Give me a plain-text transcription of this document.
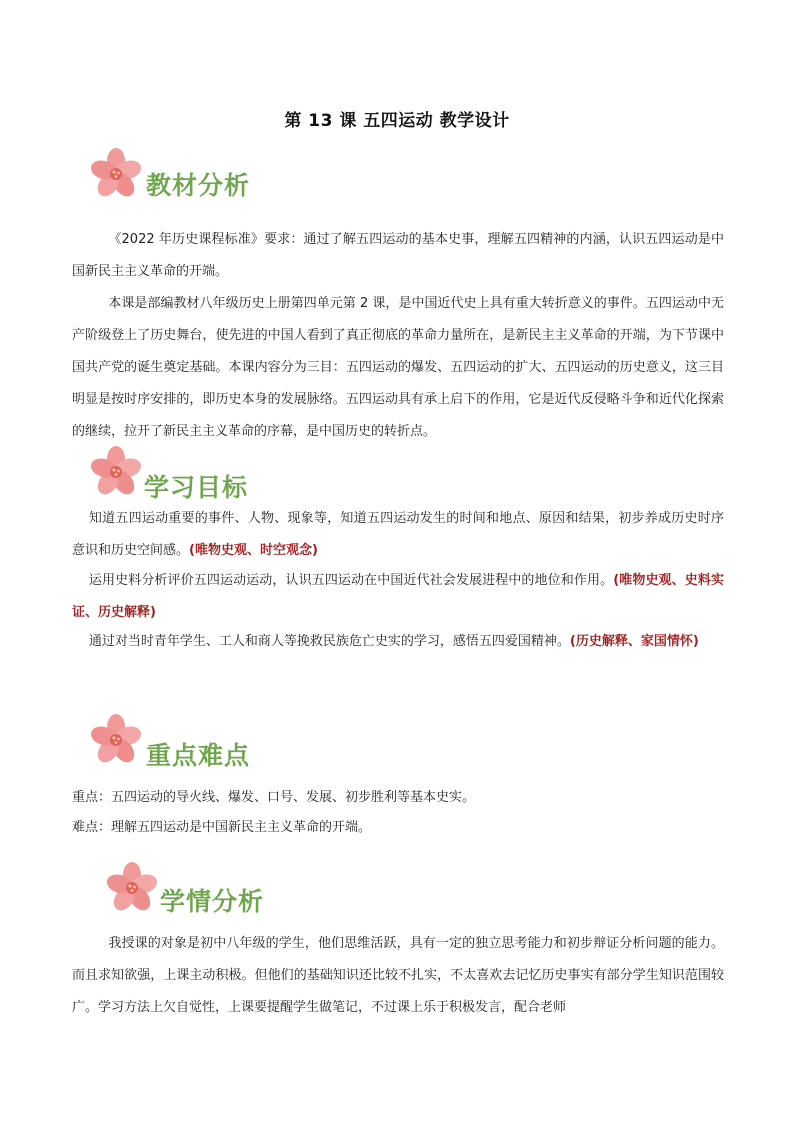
第 13 课 五四运动 教学设计
教材分析

《2022 年历史课程标准》要求：通过了解五四运动的基本史事，理解五四精神的内涵，认识五四运动是中国新民主主义革命的开端。

本课是部编教材八年级历史上册第四单元第 2 课，是中国近代史上具有重大转折意义的事件。五四运动中无产阶级登上了历史舞台，使先进的中国人看到了真正彻底的革命力量所在，是新民主主义革命的开端，为下节课中国共产党的诞生奠定基础。本课内容分为三目：五四运动的爆发、五四运动的扩大、五四运动的历史意义，这三目明显是按时序安排的，即历史本身的发展脉络。五四运动具有承上启下的作用，它是近代反侵略斗争和近代化探索的继续，拉开了新民主主义革命的序幕，是中国历史的转折点。

学习目标

知道五四运动重要的事件、人物、现象等，知道五四运动发生的时间和地点、原因和结果，初步养成历史时序意识和历史空间感。(唯物史观、时空观念)

运用史料分析评价五四运动运动，认识五四运动在中国近代社会发展进程中的地位和作用。(唯物史观、史料实证、历史解释)

通过对当时青年学生、工人和商人等挽救民族危亡史实的学习，感悟五四爱国精神。(历史解释、家国情怀)

重点难点
重点：五四运动的导火线、爆发、口号、发展、初步胜利等基本史实。
难点：理解五四运动是中国新民主主义革命的开端。
学情分析

我授课的对象是初中八年级的学生，他们思维活跃，具有一定的独立思考能力和初步辩证分析问题的能力。而且求知欲强，上课主动积极。但他们的基础知识还比较不扎实，不太喜欢去记忆历史事实有部分学生知识范围较广。学习方法上欠自觉性，上课要提醒学生做笔记，不过课上乐于积极发言，配合老师
